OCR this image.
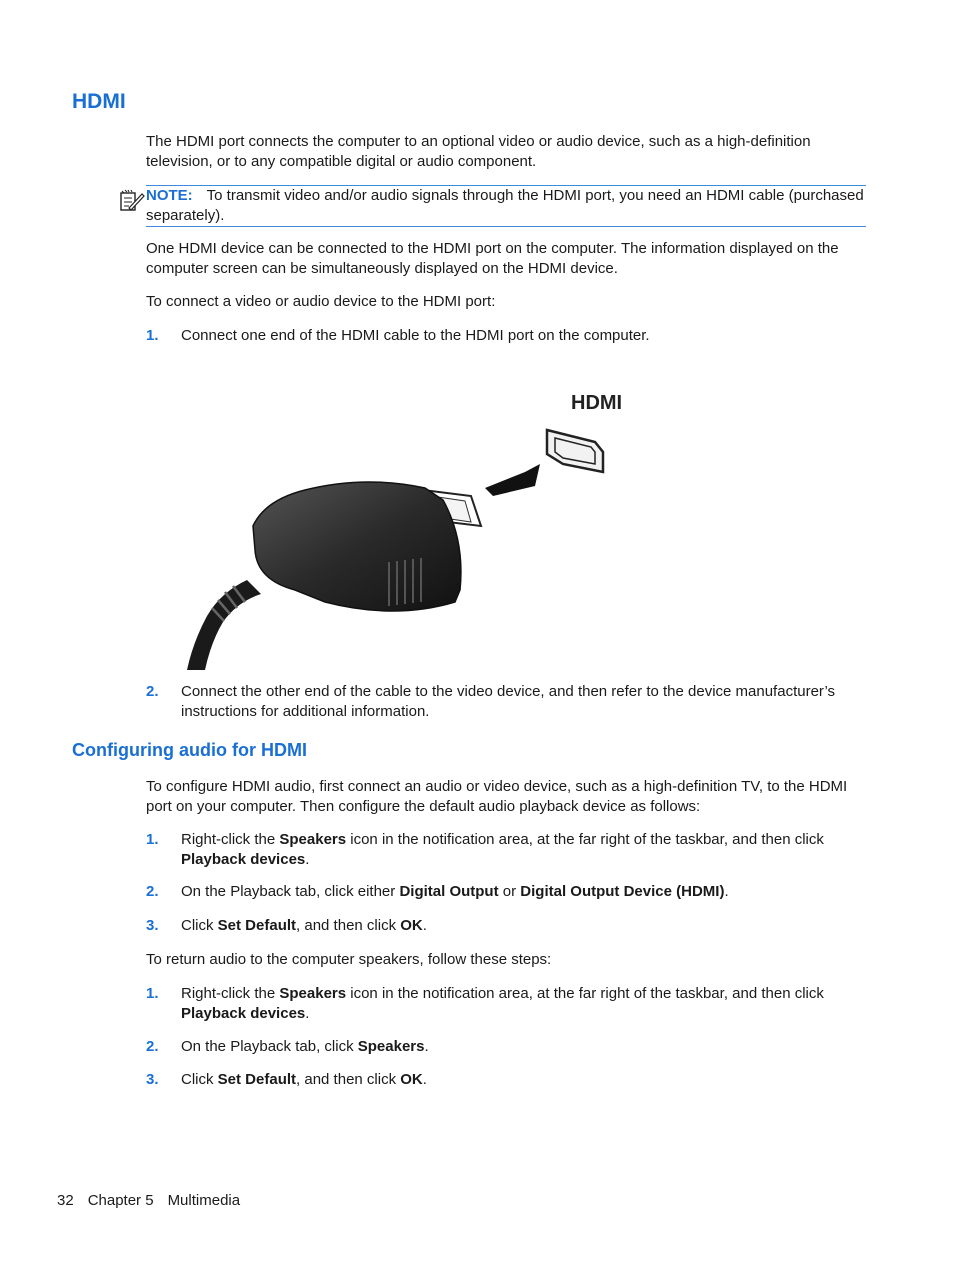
HDMI

The HDMI port connects the computer to an optional video or audio device, such as a high-definition television, or to any compatible digital or audio component.

NOTE: To transmit video and/or audio signals through the HDMI port, you need an HDMI cable (purchased separately).

One HDMI device can be connected to the HDMI port on the computer. The information displayed on the computer screen can be simultaneously displayed on the HDMI device.

To connect a video or audio device to the HDMI port:

1. Connect one end of the HDMI cable to the HDMI port on the computer.
HDMI
2. Connect the other end of the cable to the video device, and then refer to the device manufacturer’s instructions for additional information.
Configuring audio for HDMI

To configure HDMI audio, first connect an audio or video device, such as a high-definition TV, to the HDMI port on your computer. Then configure the default audio playback device as follows:

1. Right-click the Speakers icon in the notification area, at the far right of the taskbar, and then click Playback devices.
2. On the Playback tab, click either Digital Output or Digital Output Device (HDMI).
3. Click Set Default, and then click OK.

To return audio to the computer speakers, follow these steps:

1. Right-click the Speakers icon in the notification area, at the far right of the taskbar, and then click Playback devices.
2. On the Playback tab, click Speakers.
3. Click Set Default, and then click OK.
32 Chapter 5 Multimedia
